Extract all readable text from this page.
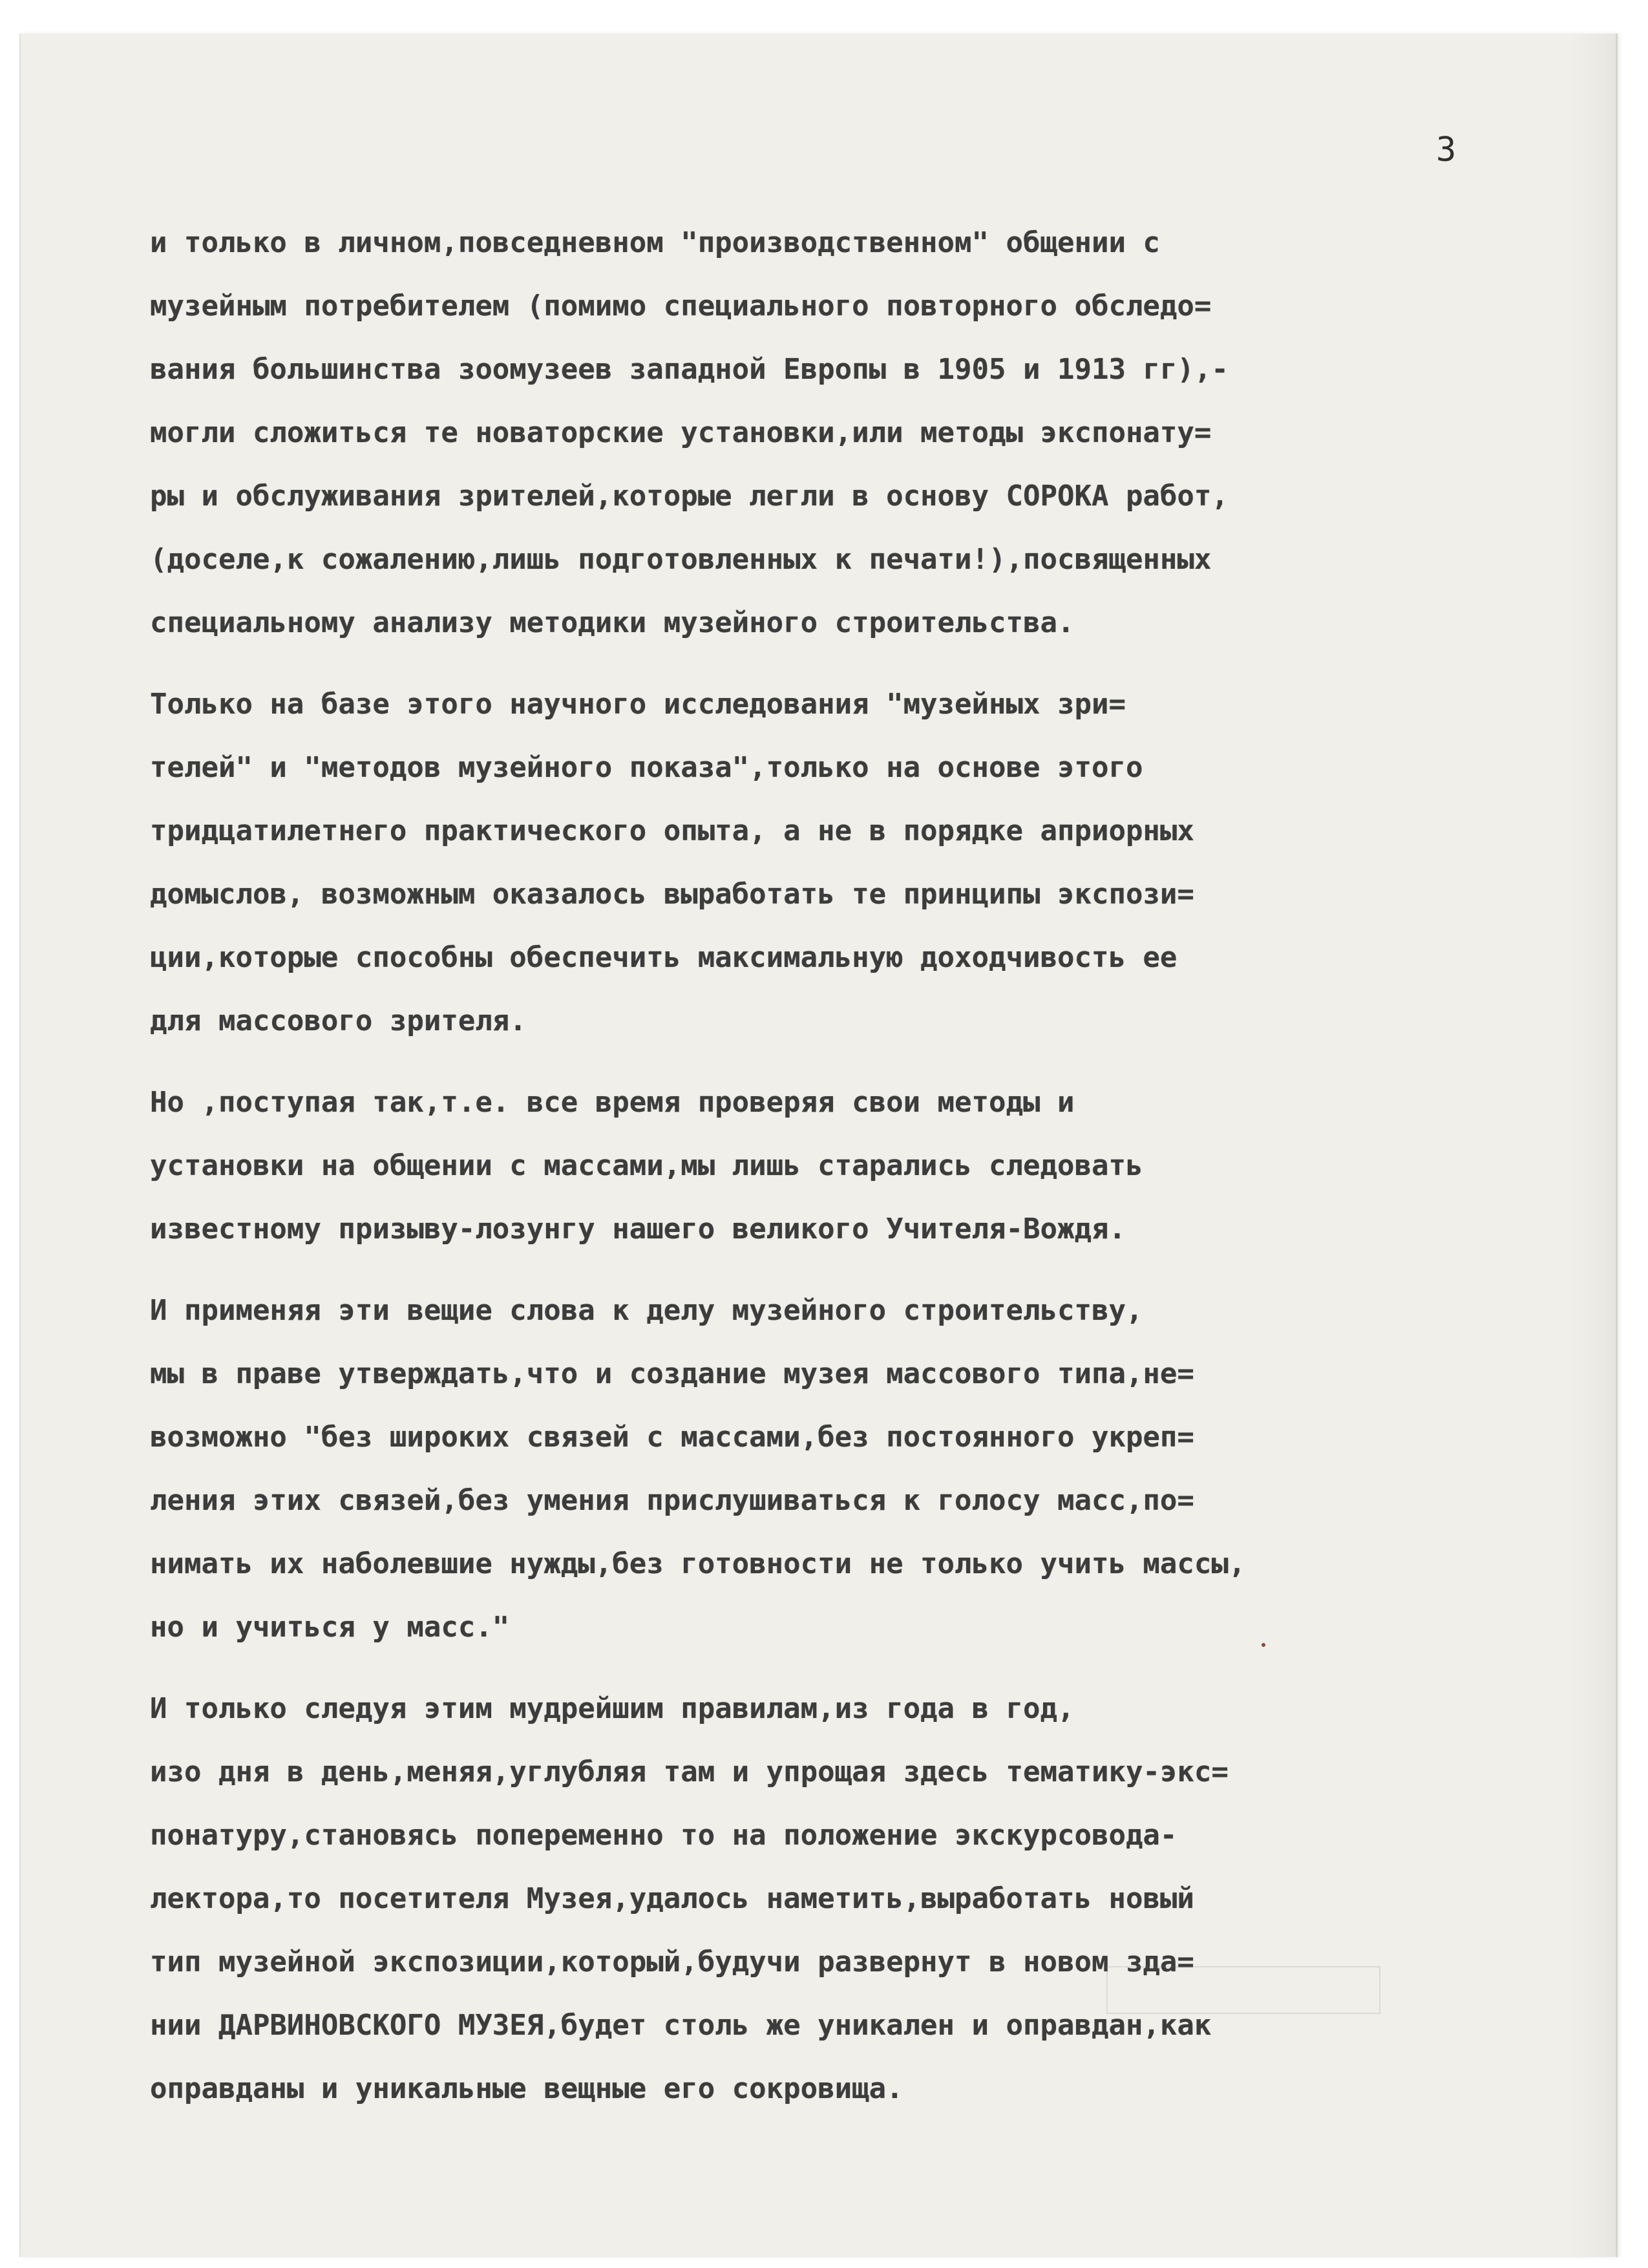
3
и только в личном,повседневном "производственном" общении с
музейным потребителем (помимо специального повторного обследо=
вания большинства зоомузеев западной Европы в 1905 и 1913 гг),-
могли сложиться те новаторские установки,или методы экспонату=
ры и обслуживания зрителей,которые легли в основу СОРОКА работ,
(доселе,к сожалению,лишь подготовленных к печати!),посвященных
специальному анализу методики музейного строительства.
Только на базе этого научного исследования "музейных зри=
телей" и "методов музейного показа",только на основе этого
тридцатилетнего практического опыта, а не в порядке априорных
домыслов, возможным оказалось выработать те принципы экспози=
ции,которые способны обеспечить максимальную доходчивость ее
для массового зрителя.
Но ,поступая так,т.е. все время проверяя свои методы и
установки на общении с массами,мы лишь старались следовать
известному призыву-лозунгу нашего великого Учителя-Вождя.
И применяя эти вещие слова к делу музейного строительству,
мы в праве утверждать,что и создание музея массового типа,не=
возможно "без широких связей с массами,без постоянного укреп=
ления этих связей,без умения прислушиваться к голосу масс,по=
нимать их наболевшие нужды,без готовности не только учить массы,
но и учиться у масс."
И только следуя этим мудрейшим правилам,из года в год,
изо дня в день,меняя,углубляя там и упрощая здесь тематику-экс=
понатуру,становясь попеременно то на положение экскурсовода-
лектора,то посетителя Музея,удалось наметить,выработать новый
тип музейной экспозиции,который,будучи развернут в новом зда=
нии ДАРВИНОВСКОГО МУЗЕЯ,будет столь же уникален и оправдан,как
оправданы и уникальные вещные его сокровища.
